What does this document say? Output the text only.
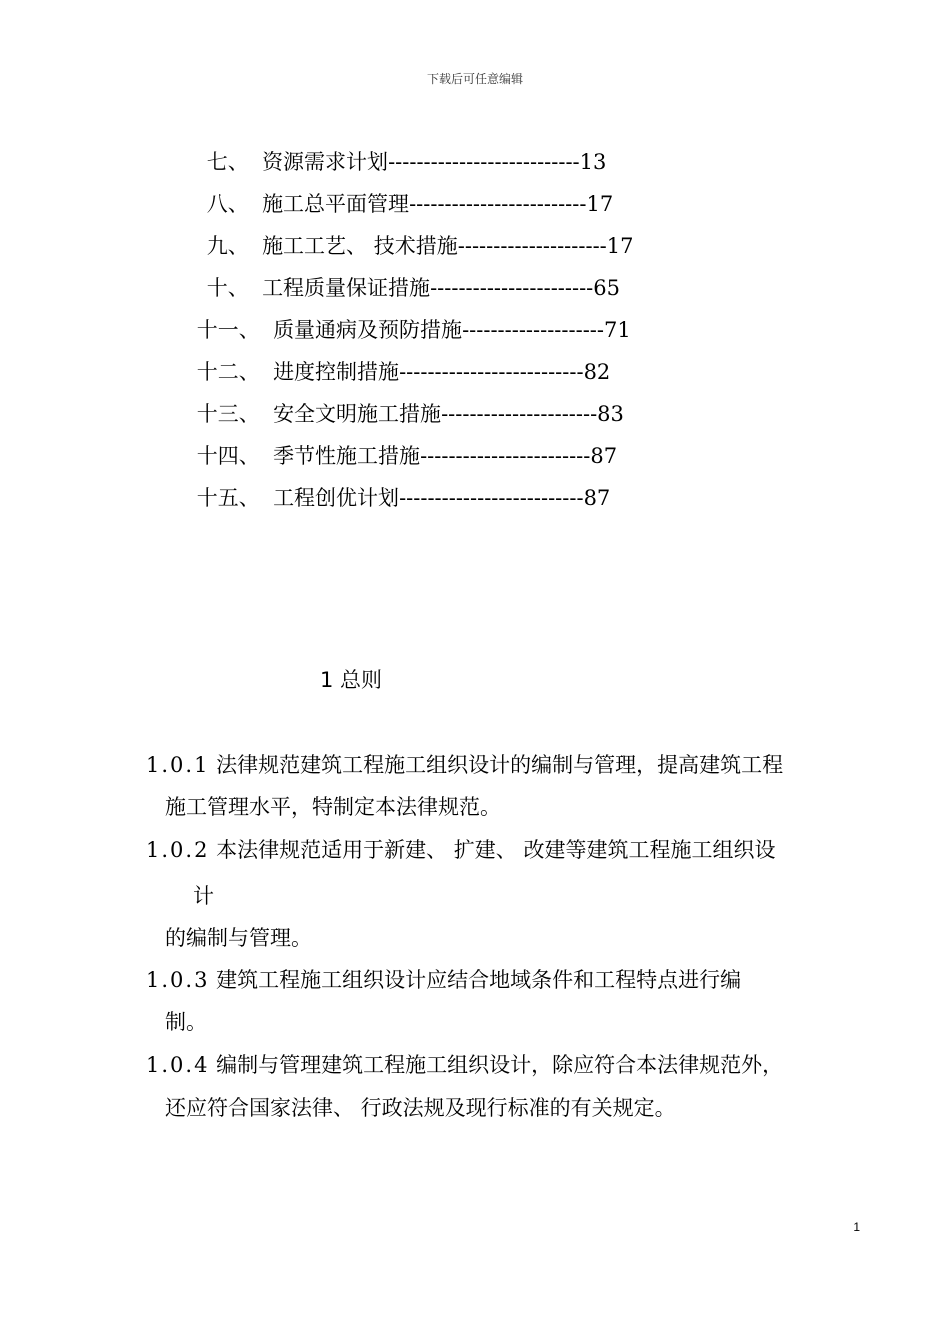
下载后可任意编辑

七、 资源需求计划---------------------------13

八、 施工总平面管理-------------------------17

九、 施工工艺、 技术措施---------------------17

十、 工程质量保证措施-----------------------65

十一、 质量通病及预防措施--------------------71

十二、 进度控制措施--------------------------82

十三、 安全文明施工措施----------------------83

十四、 季节性施工措施------------------------87

十五、 工程创优计划--------------------------87

1 总则
1.0.1 法律规范建筑工程施工组织设计的编制与管理，提高建筑工程
施工管理水平，特制定本法律规范。
1.0.2 本法律规范适用于新建、 扩建、 改建等建筑工程施工组织设
计
的编制与管理。
1.0.3 建筑工程施工组织设计应结合地域条件和工程特点进行编
制。
1.0.4 编制与管理建筑工程施工组织设计，除应符合本法律规范外，
还应符合国家法律、 行政法规及现行标准的有关规定。
1
